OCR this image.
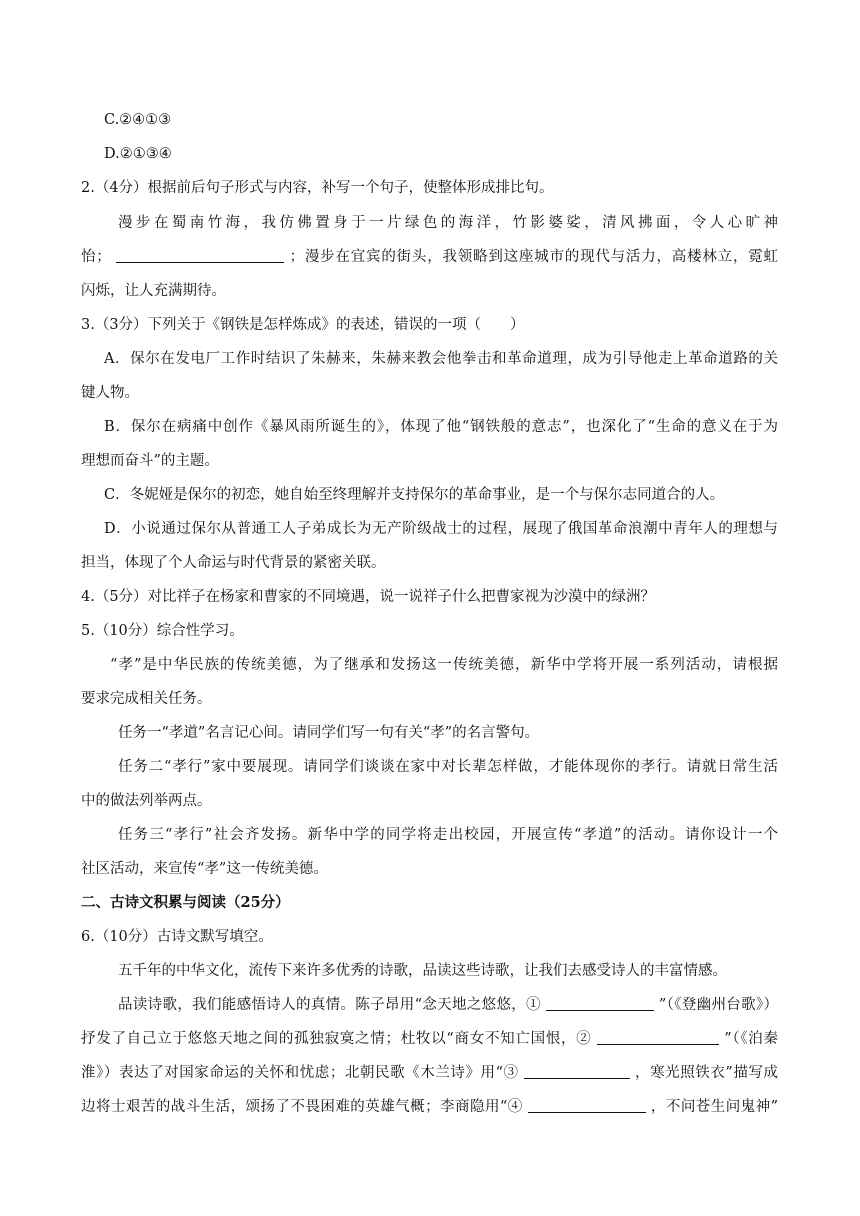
C.②④①③
D.②①③④
2.（4分）根据前后句子形式与内容，补写一个句子，使整体形成排比句。
漫步在蜀南竹海，我仿佛置身于一片绿色的海洋，竹影婆娑，清风拂面，令人心旷神
怡；	；漫步在宜宾的街头，我领略到这座城市的现代与活力，高楼林立，霓虹
闪烁，让人充满期待。
3.（3分）下列关于《钢铁是怎样炼成》的表述，错误的一项（　　）
A．保尔在发电厂工作时结识了朱赫来，朱赫来教会他拳击和革命道理，成为引导他走上革命道路的关
键人物。
B．保尔在病痛中创作《暴风雨所诞生的》，体现了他“钢铁般的意志”，也深化了“生命的意义在于为
理想而奋斗”的主题。
C．冬妮娅是保尔的初恋，她自始至终理解并支持保尔的革命事业，是一个与保尔志同道合的人。
D．小说通过保尔从普通工人子弟成长为无产阶级战士的过程，展现了俄国革命浪潮中青年人的理想与
担当，体现了个人命运与时代背景的紧密关联。
4.（5分）对比祥子在杨家和曹家的不同境遇，说一说祥子什么把曹家视为沙漠中的绿洲？
5.（10分）综合性学习。
“孝”是中华民族的传统美德，为了继承和发扬这一传统美德，新华中学将开展一系列活动，请根据
要求完成相关任务。
任务一“孝道”名言记心间。请同学们写一句有关“孝”的名言警句。
任务二“孝行”家中要展现。请同学们谈谈在家中对长辈怎样做，才能体现你的孝行。请就日常生活
中的做法列举两点。
任务三“孝行”社会齐发扬。新华中学的同学将走出校园，开展宣传“孝道”的活动。请你设计一个
社区活动，来宣传“孝”这一传统美德。
二、古诗文积累与阅读（25分）
6.（10分）古诗文默写填空。
五千年的中华文化，流传下来许多优秀的诗歌，品读这些诗歌，让我们去感受诗人的丰富情感。
品读诗歌，我们能感悟诗人的真情。陈子昂用“念天地之悠悠，①	”（《登幽州台歌》）
抒发了自己立于悠悠天地之间的孤独寂寞之情；杜牧以“商女不知亡国恨，②	”（《泊秦
淮》）表达了对国家命运的关怀和忧虑；北朝民歌《木兰诗》用“③	，寒光照铁衣”描写成
边将士艰苦的战斗生活，颂扬了不畏困难的英雄气概；李商隐用“④	，不问苍生问鬼神”
